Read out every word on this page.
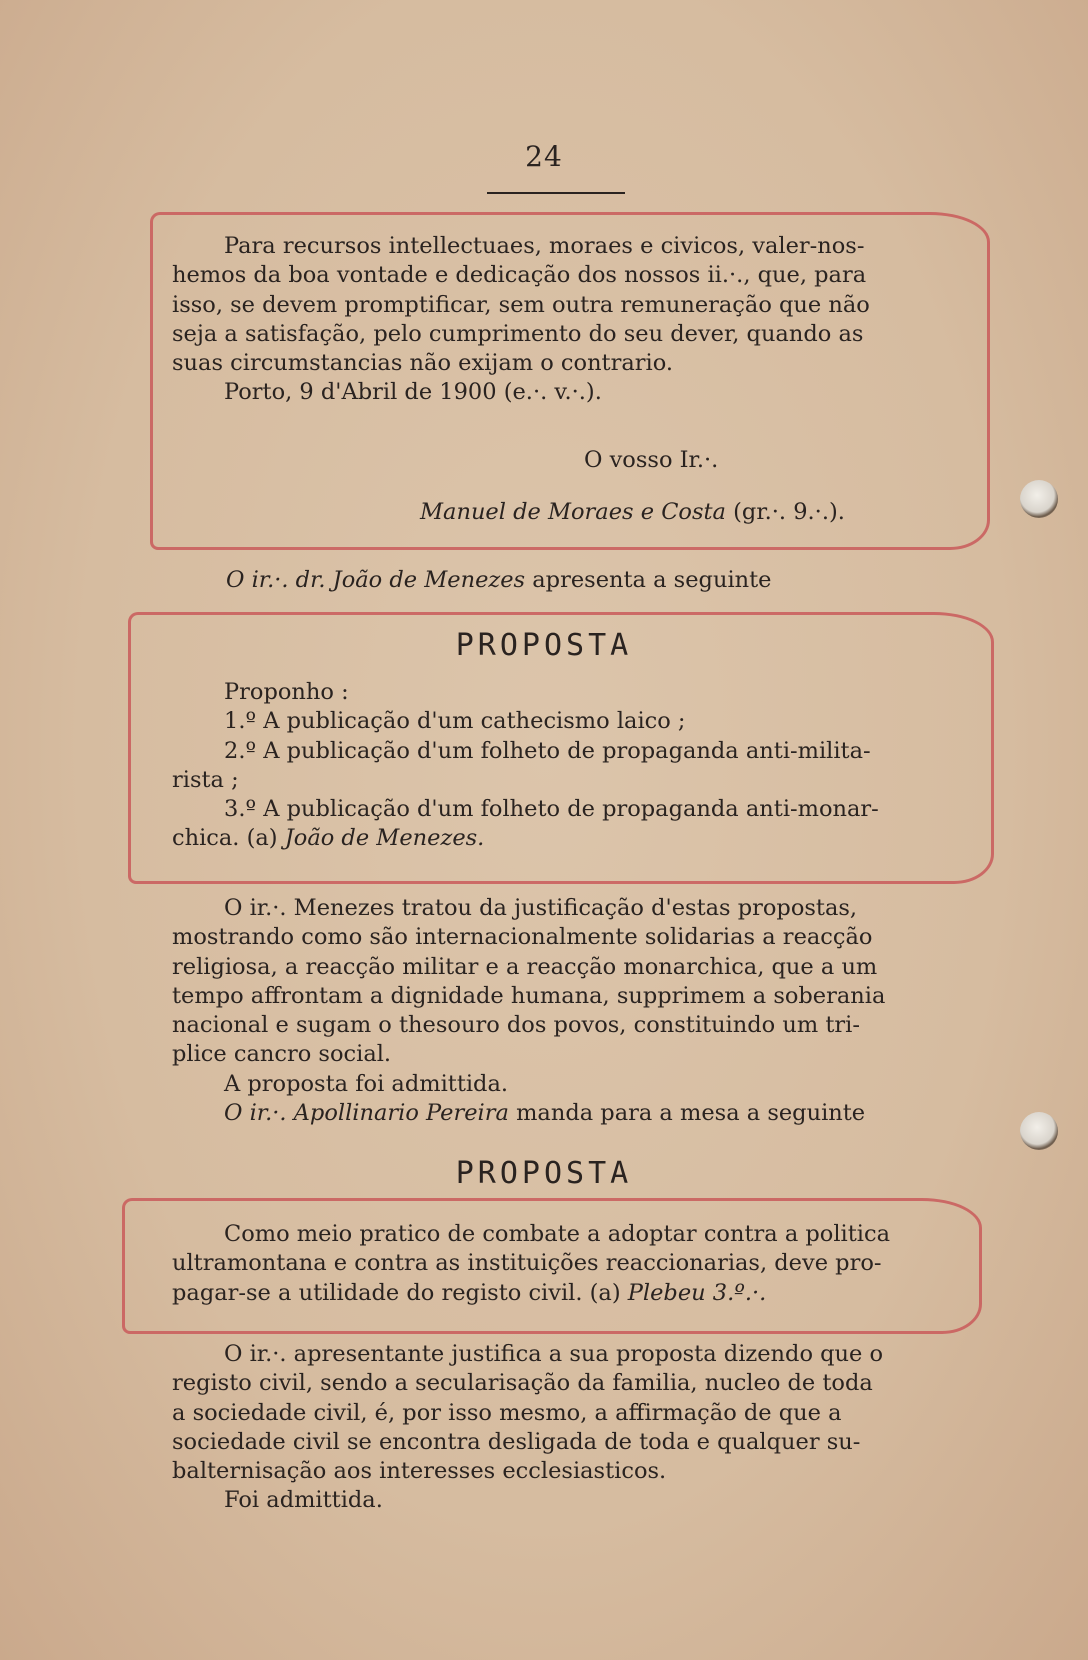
24

Para recursos intellectuaes, moraes e civicos, valer-nos-

hemos da boa vontade e dedicação dos nossos ii.·., que, para

isso, se devem promptificar, sem outra remuneração que não

seja a satisfação, pelo cumprimento do seu dever, quando as

suas circumstancias não exijam o contrario.

Porto, 9 d'Abril de 1900 (e.·. v.·.).

O vosso Ir.·.

Manuel de Moraes e Costa (gr.·. 9.·.).

O ir.·. dr. João de Menezes apresenta a seguinte

PROPOSTA

Proponho :

1.º A publicação d'um cathecismo laico ;

2.º A publicação d'um folheto de propaganda anti-milita-

rista ;

3.º A publicação d'um folheto de propaganda anti-monar-

chica. (a) João de Menezes.

O ir.·. Menezes tratou da justificação d'estas propostas,

mostrando como são internacionalmente solidarias a reacção

religiosa, a reacção militar e a reacção monarchica, que a um

tempo affrontam a dignidade humana, supprimem a soberania

nacional e sugam o thesouro dos povos, constituindo um tri-

plice cancro social.

A proposta foi admittida.

O ir.·. Apollinario Pereira manda para a mesa a seguinte

PROPOSTA

Como meio pratico de combate a adoptar contra a politica

ultramontana e contra as instituições reaccionarias, deve pro-

pagar-se a utilidade do registo civil. (a) Plebeu 3.º.·.

O ir.·. apresentante justifica a sua proposta dizendo que o

registo civil, sendo a secularisação da familia, nucleo de toda

a sociedade civil, é, por isso mesmo, a affirmação de que a

sociedade civil se encontra desligada de toda e qualquer su-

balternisação aos interesses ecclesiasticos.

Foi admittida.
